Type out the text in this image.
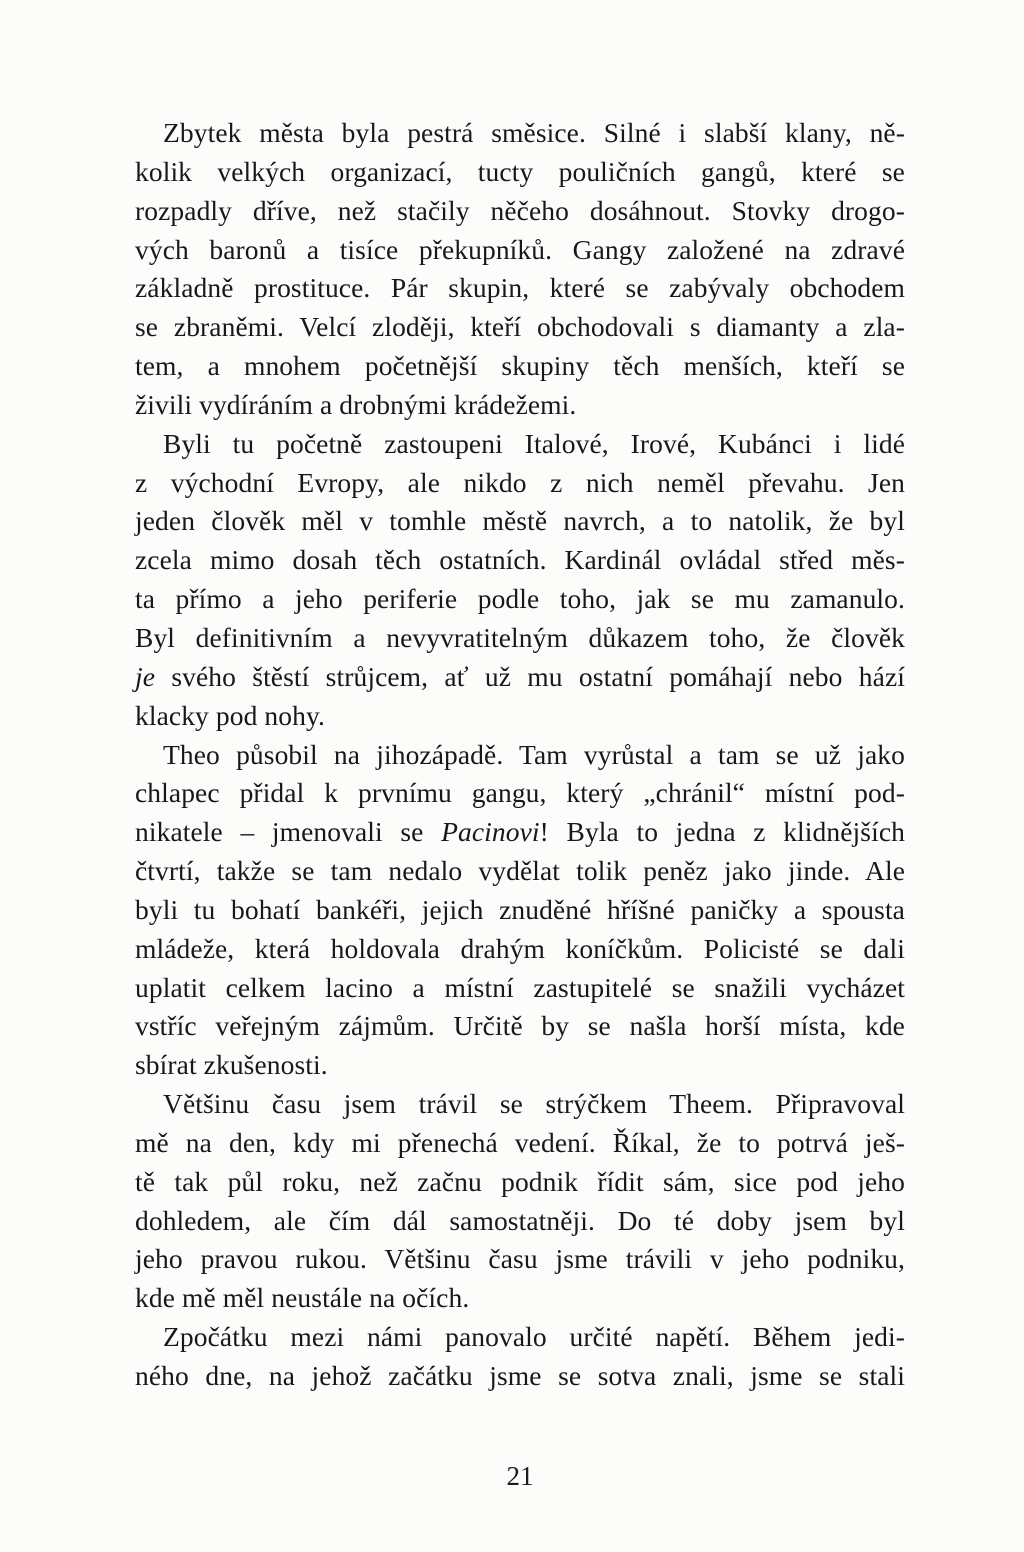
Zbytek města byla pestrá směsice. Silné i slabší klany, ně-
kolik velkých organizací, tucty pouličních gangů, které se
rozpadly dříve, než stačily něčeho dosáhnout. Stovky drogo-
vých baronů a tisíce překupníků. Gangy založené na zdravé
základně prostituce. Pár skupin, které se zabývaly obchodem
se zbraněmi. Velcí zloději, kteří obchodovali s diamanty a zla-
tem, a mnohem početnější skupiny těch menších, kteří se
živili vydíráním a drobnými krádežemi.
Byli tu početně zastoupeni Italové, Irové, Kubánci i lidé
z východní Evropy, ale nikdo z nich neměl převahu. Jen
jeden člověk měl v tomhle městě navrch, a to natolik, že byl
zcela mimo dosah těch ostatních. Kardinál ovládal střed měs-
ta přímo a jeho periferie podle toho, jak se mu zamanulo.
Byl definitivním a nevyvratitelným důkazem toho, že člověk
je svého štěstí strůjcem, ať už mu ostatní pomáhají nebo hází
klacky pod nohy.
Theo působil na jihozápadě. Tam vyrůstal a tam se už jako
chlapec přidal k prvnímu gangu, který „chránil“ místní pod-
nikatele – jmenovali se Pacinovi! Byla to jedna z klidnějších
čtvrtí, takže se tam nedalo vydělat tolik peněz jako jinde. Ale
byli tu bohatí bankéři, jejich znuděné hříšné paničky a spousta
mládeže, která holdovala drahým koníčkům. Policisté se dali
uplatit celkem lacino a místní zastupitelé se snažili vycházet
vstříc veřejným zájmům. Určitě by se našla horší místa, kde
sbírat zkušenosti.
Většinu času jsem trávil se strýčkem Theem. Připravoval
mě na den, kdy mi přenechá vedení. Říkal, že to potrvá ješ-
tě tak půl roku, než začnu podnik řídit sám, sice pod jeho
dohledem, ale čím dál samostatněji. Do té doby jsem byl
jeho pravou rukou. Většinu času jsme trávili v jeho podniku,
kde mě měl neustále na očích.
Zpočátku mezi námi panovalo určité napětí. Během jedi-
ného dne, na jehož začátku jsme se sotva znali, jsme se stali
21
